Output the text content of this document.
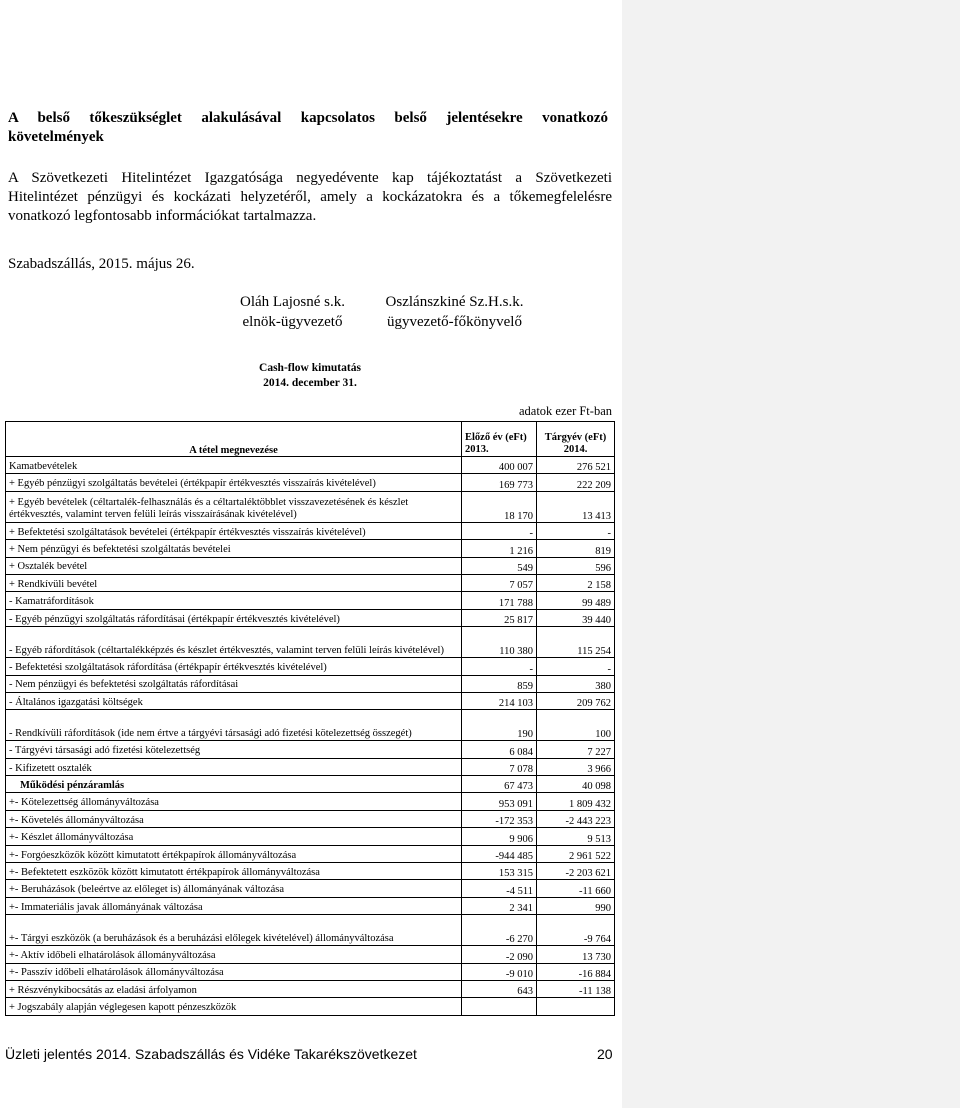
A belső tőkeszükséglet alakulásával kapcsolatos belső jelentésekre vonatkozó
követelmények
A Szövetkezeti Hitelintézet Igazgatósága negyedévente kap tájékoztatást a Szövetkezeti
Hitelintézet pénzügyi és kockázati helyzetéről, amely a kockázatokra és a tőkemegfelelésre
vonatkozó legfontosabb információkat tartalmazza.
Szabadszállás, 2015. május 26.
Oláh Lajosné s.k.
elnök-ügyvezető
Oszlánszkiné Sz.H.s.k.
ügyvezető-főkönyvelő
Cash-flow kimutatás
2014. december 31.
adatok ezer Ft-ban
A tétel megnevezése	Előző év (eFt) 2013.	Tárgyév (eFt) 2014.
Kamatbevételek	400 007	276 521
+ Egyéb pénzügyi szolgáltatás bevételei (értékpapír értékvesztés visszaírás kivételével)	169 773	222 209
+ Egyéb bevételek (céltartalék-felhasználás és a céltartaléktöbblet visszavezetésének és készlet értékvesztés, valamint terven felüli leírás visszaírásának kivételével)	18 170	13 413
+ Befektetési szolgáltatások bevételei (értékpapír értékvesztés visszaírás kivételével)	-	-
+ Nem pénzügyi és befektetési szolgáltatás bevételei	1 216	819
+ Osztalék bevétel	549	596
+ Rendkívüli bevétel	7 057	2 158
- Kamatráfordítások	171 788	99 489
- Egyéb pénzügyi szolgáltatás ráfordításai (értékpapír értékvesztés kivételével)	25 817	39 440
- Egyéb ráfordítások (céltartalékképzés és készlet értékvesztés, valamint terven felüli leírás kivételével)	110 380	115 254
- Befektetési szolgáltatások ráfordítása (értékpapír értékvesztés kivételével)	-	-
- Nem pénzügyi és befektetési szolgáltatás ráfordításai	859	380
- Általános igazgatási költségek	214 103	209 762
- Rendkívüli ráfordítások (ide nem értve a tárgyévi társasági adó fizetési kötelezettség összegét)	190	100
- Tárgyévi társasági adó fizetési kötelezettség	6 084	7 227
- Kifizetett osztalék	7 078	3 966
Működési pénzáramlás	67 473	40 098
+- Kötelezettség állományváltozása	953 091	1 809 432
+- Követelés állományváltozása	-172 353	-2 443 223
+- Készlet állományváltozása	9 906	9 513
+- Forgóeszközök között kimutatott értékpapírok állományváltozása	-944 485	2 961 522
+- Befektetett eszközök között kimutatott értékpapírok állományváltozása	153 315	-2 203 621
+- Beruházások (beleértve az előleget is) állományának változása	-4 511	-11 660
+- Immateriális javak állományának változása	2 341	990
+- Tárgyi eszközök (a beruházások és a beruházási előlegek kivételével) állományváltozása	-6 270	-9 764
+- Aktív időbeli elhatárolások állományváltozása	-2 090	13 730
+- Passzív időbeli elhatárolások állományváltozása	-9 010	-16 884
+ Részvénykibocsátás az eladási árfolyamon	643	-11 138
+ Jogszabály alapján véglegesen kapott pénzeszközök		
Üzleti jelentés 2014. Szabadszállás és Vidéke Takarékszövetkezet	20
